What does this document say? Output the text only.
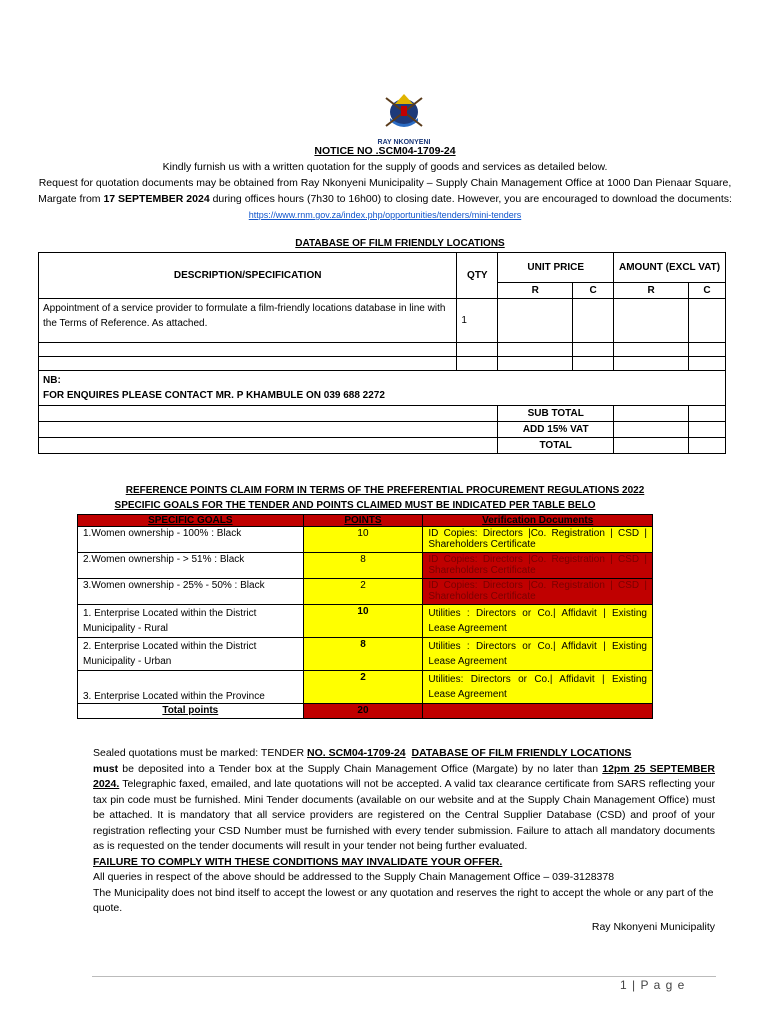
RAY NKONYENI
NOTICE NO .SCM04-1709-24
Kindly furnish us with a written quotation for the supply of goods and services as detailed below.
Request for quotation documents may be obtained from Ray Nkonyeni Municipality – Supply Chain Management Office at 1000 Dan Pienaar Square, Margate from 17 SEPTEMBER 2024 during offices hours (7h30 to 16h00) to closing date. However, you are encouraged to download the documents: https://www.rnm.gov.za/index.php/opportunities/tenders/mini-tenders
DATABASE OF FILM FRIENDLY LOCATIONS
DESCRIPTION/SPECIFICATION	QTY	UNIT PRICE		AMOUNT (EXCL VAT)	
		R	C	R	C
Appointment of a service provider to formulate a film-friendly locations database in line with the Terms of Reference. As attached.	1				

NB:
FOR ENQUIRES PLEASE CONTACT MR. P KHAMBULE ON 039 688 2272					

		SUB TOTAL			
		ADD 15% VAT			
		TOTAL			
REFERENCE POINTS CLAIM FORM IN TERMS OF THE PREFERENTIAL PROCUREMENT REGULATIONS 2022
SPECIFIC GOALS FOR THE TENDER AND POINTS CLAIMED MUST BE INDICATED PER TABLE BELO
SPECIFIC GOALS	POINTS	Verification Documents
1.Women ownership - 100% : Black	10	ID Copies: Directors |Co. Registration | CSD | Shareholders Certificate
2.Women ownership - > 51% : Black	8	ID Copies: Directors |Co. Registration | CSD | Shareholders Certificate
3.Women ownership - 25% - 50% : Black	2	ID Copies: Directors |Co. Registration | CSD | Shareholders Certificate
1. Enterprise Located within the District Municipality - Rural	10	Utilities : Directors or Co.| Affidavit | Existing Lease Agreement
2. Enterprise Located within the District Municipality - Urban	8	Utilities : Directors or Co.| Affidavit | Existing Lease Agreement
3. Enterprise Located within the Province	2	Utilities: Directors or Co.| Affidavit | Existing Lease Agreement
Total points	20	

Sealed quotations must be marked: TENDER NO. SCM04-1709-24 DATABASE OF FILM FRIENDLY LOCATIONS
must be deposited into a Tender box at the Supply Chain Management Office (Margate) by no later than 12pm 25 SEPTEMBER 2024. Telegraphic faxed, emailed, and late quotations will not be accepted. A valid tax clearance certificate from SARS reflecting your tax pin code must be furnished. Mini Tender documents (available on our website and at the Supply Chain Management Office) must be attached. It is mandatory that all service providers are registered on the Central Supplier Database (CSD) and proof of your registration reflecting your CSD Number must be furnished with every tender submission. Failure to attach all mandatory documents as is requested on the tender documents will result in your tender not being further evaluated.

FAILURE TO COMPLY WITH THESE CONDITIONS MAY INVALIDATE YOUR OFFER.

All queries in respect of the above should be addressed to the Supply Chain Management Office – 039-3128378

The Municipality does not bind itself to accept the lowest or any quotation and reserves the right to accept the whole or any part of the quote.

Ray Nkonyeni Municipality

1 | P a g e
